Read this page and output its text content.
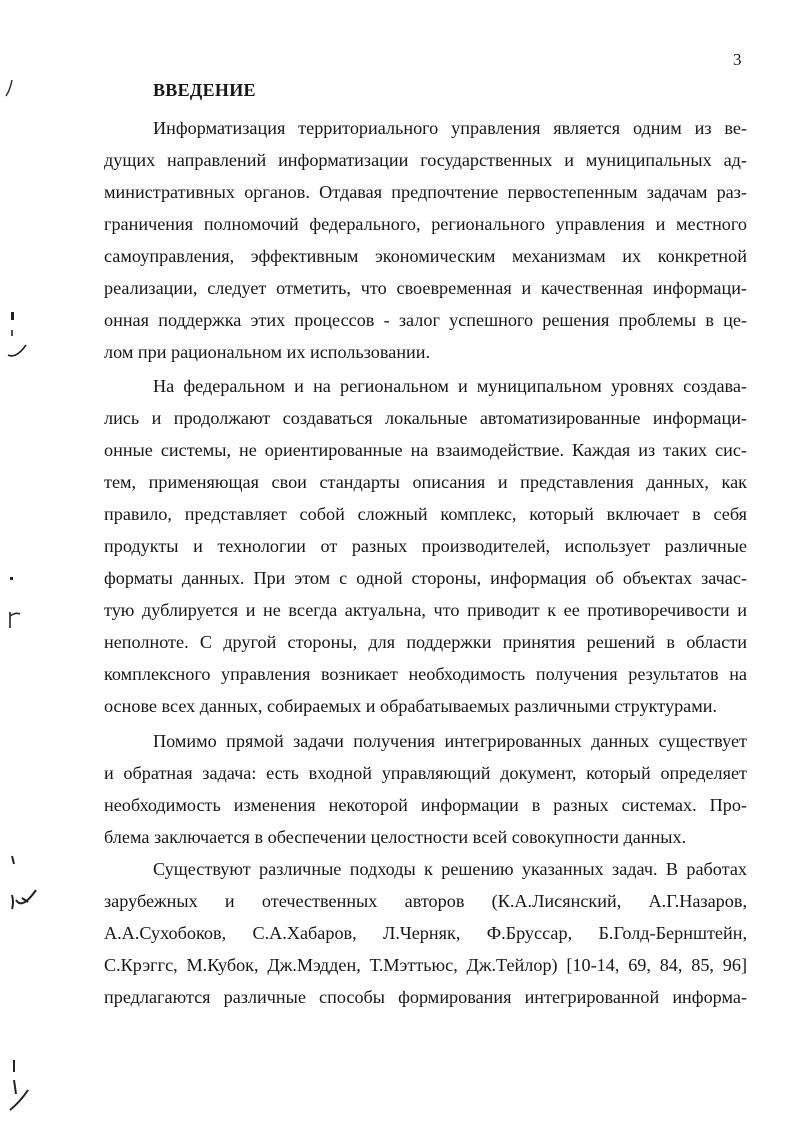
3
ВВЕДЕНИЕ
Информатизация территориального управления является одним из ве-
дущих направлений информатизации государственных и муниципальных ад-
министративных органов. Отдавая предпочтение первостепенным задачам раз-
граничения полномочий федерального, регионального управления и местного
самоуправления, эффективным экономическим механизмам их конкретной
реализации, следует отметить, что своевременная и качественная информаци-
онная поддержка этих процессов - залог успешного решения проблемы в це-
лом при рациональном их использовании.
На федеральном и на региональном и муниципальном уровнях создава-
лись и продолжают создаваться локальные автоматизированные информаци-
онные системы, не ориентированные на взаимодействие. Каждая из таких сис-
тем, применяющая свои стандарты описания и представления данных, как
правило, представляет собой сложный комплекс, который включает в себя
продукты и технологии от разных производителей, использует различные
форматы данных. При этом с одной стороны, информация об объектах зачас-
тую дублируется и не всегда актуальна, что приводит к ее противоречивости и
неполноте. С другой стороны, для поддержки принятия решений в области
комплексного управления возникает необходимость получения результатов на
основе всех данных, собираемых и обрабатываемых различными структурами.
Помимо прямой задачи получения интегрированных данных существует
и обратная задача: есть входной управляющий документ, который определяет
необходимость изменения некоторой информации в разных системах. Про-
блема заключается в обеспечении целостности всей совокупности данных.
Существуют различные подходы к решению указанных задач. В работах
зарубежных и отечественных авторов (К.А.Лисянский, А.Г.Назаров,
А.А.Сухобоков, С.А.Хабаров, Л.Черняк, Ф.Бруссар, Б.Голд-Бернштейн,
С.Крэггс, М.Кубок, Дж.Мэдден, Т.Мэттьюс, Дж.Тейлор) [10-14, 69, 84, 85, 96]
предлагаются различные способы формирования интегрированной информа-
